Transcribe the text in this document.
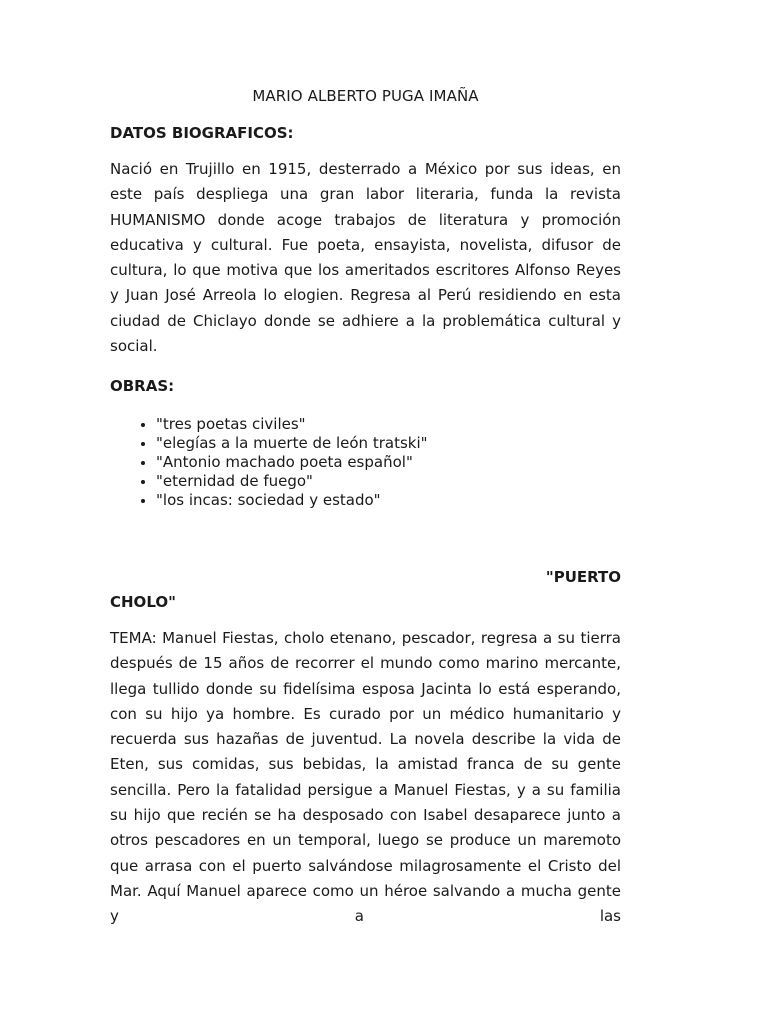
MARIO ALBERTO PUGA IMAÑA
DATOS BIOGRAFICOS:

Nació en Trujillo en 1915, desterrado a México por sus ideas, en este país despliega una gran labor literaria, funda la revista HUMANISMO donde acoge trabajos de literatura y promoción educativa y cultural. Fue poeta, ensayista, novelista, difusor de cultura, lo que motiva que los ameritados escritores Alfonso Reyes y Juan José Arreola lo elogien. Regresa al Perú residiendo en esta ciudad de Chiclayo donde se adhiere a la problemática cultural y social.

OBRAS:
• "tres poetas civiles"
• "elegías a la muerte de león tratski"
• "Antonio machado poeta español"
• "eternidad de fuego"
• "los incas: sociedad y estado"
"PUERTO
CHOLO"

TEMA: Manuel Fiestas, cholo etenano, pescador, regresa a su tierra después de 15 años de recorrer el mundo como marino mercante, llega tullido donde su fidelísima esposa Jacinta lo está esperando, con su hijo ya hombre. Es curado por un médico humanitario y recuerda sus hazañas de juventud. La novela describe la vida de Eten, sus comidas, sus bebidas, la amistad franca de su gente sencilla. Pero la fatalidad persigue a Manuel Fiestas, y a su familia su hijo que recién se ha desposado con Isabel desaparece junto a otros pescadores en un temporal, luego se produce un maremoto que arrasa con el puerto salvándose milagrosamente el Cristo del Mar. Aquí Manuel aparece como un héroe salvando a mucha gente y a las
